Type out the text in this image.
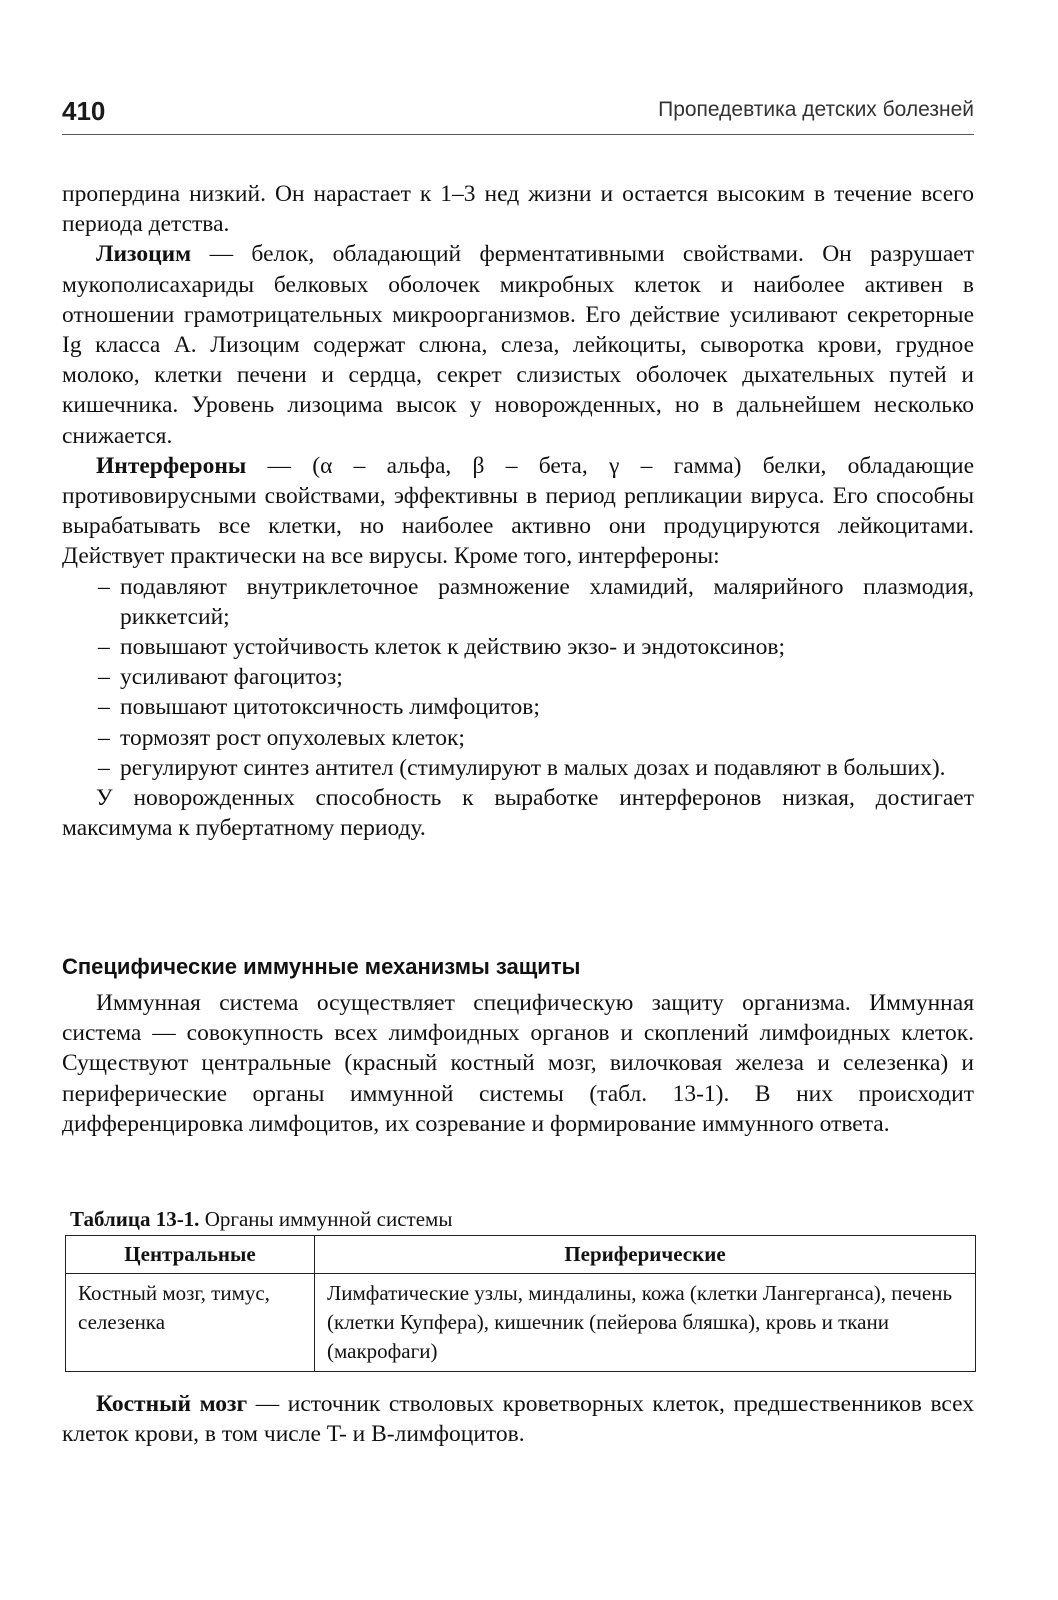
410	Пропедевтика детских болезней

пропердина низкий. Он нарастает к 1–3 нед жизни и остается высоким в течение всего периода детства.

Лизоцим — белок, обладающий ферментативными свойствами. Он разрушает мукополисахариды белковых оболочек микробных клеток и наиболее активен в отношении грамотрицательных микроорганизмов. Его действие усиливают секреторные Ig класса A. Лизоцим содержат слюна, слеза, лейкоциты, сыворотка крови, грудное молоко, клетки печени и сердца, секрет слизистых оболочек дыхательных путей и кишечника. Уровень лизоцима высок у новорожденных, но в дальнейшем несколько снижается.

Интерфероны — (α – альфа, β – бета, γ – гамма) белки, обладающие противовирусными свойствами, эффективны в период репликации вируса. Его способны вырабатывать все клетки, но наиболее активно они продуцируются лейкоцитами. Действует практически на все вирусы. Кроме того, интерфероны:

– подавляют внутриклеточное размножение хламидий, малярийного плазмодия, риккетсий;
– повышают устойчивость клеток к действию экзо- и эндотоксинов;
– усиливают фагоцитоз;
– повышают цитотоксичность лимфоцитов;
– тормозят рост опухолевых клеток;
– регулируют синтез антител (стимулируют в малых дозах и подавляют в больших).

У новорожденных способность к выработке интерферонов низкая, достигает максимума к пубертатному периоду.

Специфические иммунные механизмы защиты

Иммунная система осуществляет специфическую защиту организма. Иммунная система — совокупность всех лимфоидных органов и скоплений лимфоидных клеток. Существуют центральные (красный костный мозг, вилочковая железа и селезенка) и периферические органы иммунной системы (табл. 13-1). В них происходит дифференцировка лимфоцитов, их созревание и формирование иммунного ответа.

Таблица 13-1. Органы иммунной системы
Центральные	Периферические
Костный мозг, тимус, селезенка	Лимфатические узлы, миндалины, кожа (клетки Лангерганса), печень (клетки Купфера), кишечник (пейерова бляшка), кровь и ткани (макрофаги)

Костный мозг — источник стволовых кроветворных клеток, предшественников всех клеток крови, в том числе T- и B-лимфоцитов.
